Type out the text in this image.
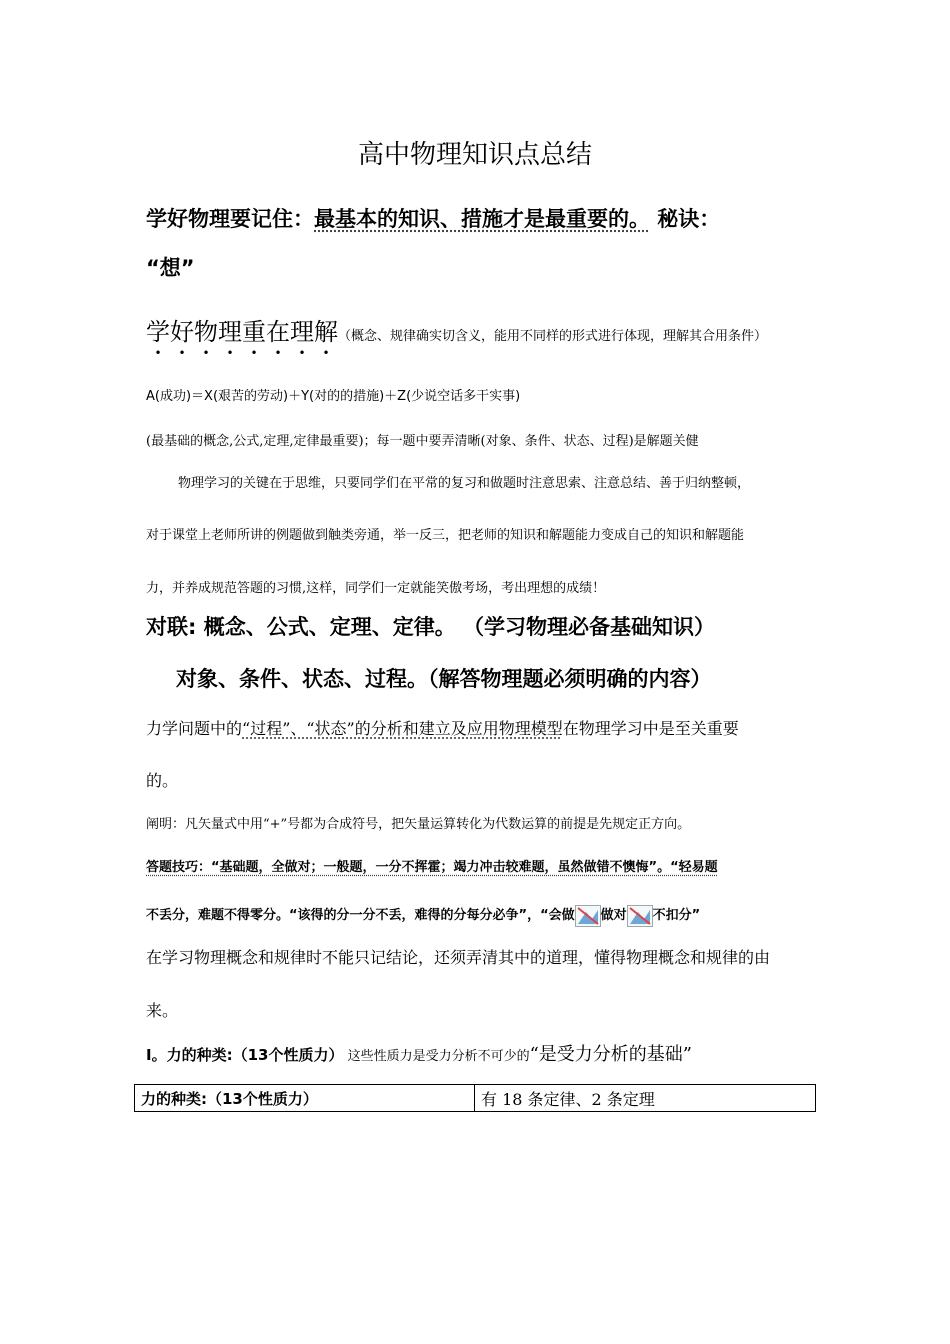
高中物理知识点总结
学好物理要记住：最基本的知识、措施才是最重要的。 秘诀：
“想”
学好物理重在理解（概念、规律确实切含义，能用不同样的形式进行体现，理解其合用条件）
A(成功)＝X(艰苦的劳动)＋Y(对的的措施)＋Z(少说空话多干实事)
(最基础的概念,公式,定理,定律最重要)；每一题中要弄清晰(对象、条件、状态、过程)是解题关健
物理学习的关键在于思维，只要同学们在平常的复习和做题时注意思索、注意总结、善于归纳整顿，
对于课堂上老师所讲的例题做到触类旁通，举一反三，把老师的知识和解题能力变成自己的知识和解题能
力，并养成规范答题的习惯,这样，同学们一定就能笑傲考场，考出理想的成绩！
对联: 概念、公式、定理、定律。 （学习物理必备基础知识）
对象、条件、状态、过程。（解答物理题必须明确的内容）
力学问题中的“过程”、“状态”的分析和建立及应用物理模型在物理学习中是至关重要
的。
阐明：凡矢量式中用“+”号都为合成符号，把矢量运算转化为代数运算的前提是先规定正方向。
答题技巧：“基础题，全做对；一般题，一分不挥霍；竭力冲击较难题，虽然做错不懊悔”。“轻易题
不丢分，难题不得零分。“该得的分一分不丢，难得的分每分必争”，“会做 做对 不扣分”
在学习物理概念和规律时不能只记结论，还须弄清其中的道理，懂得物理概念和规律的由
来。
I。力的种类:（13个性质力） 这些性质力是受力分析不可少的“是受力分析的基础”
力的种类:（13个性质力）	有 18 条定律、2 条定理
